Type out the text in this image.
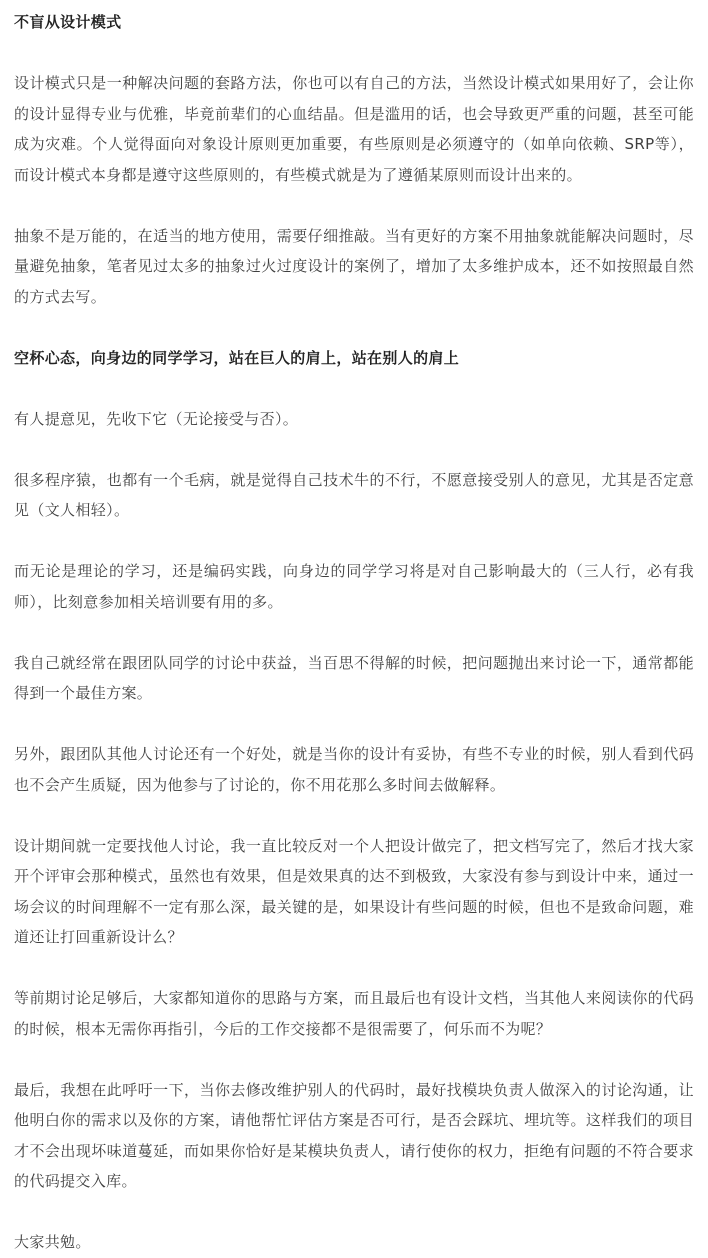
不盲从设计模式

设计模式只是一种解决问题的套路方法，你也可以有自己的方法，当然设计模式如果用好了，会让你的设计显得专业与优雅，毕竟前辈们的心血结晶。但是滥用的话，也会导致更严重的问题，甚至可能成为灾难。个人觉得面向对象设计原则更加重要，有些原则是必须遵守的（如单向依赖、SRP等），而设计模式本身都是遵守这些原则的，有些模式就是为了遵循某原则而设计出来的。

抽象不是万能的，在适当的地方使用，需要仔细推敲。当有更好的方案不用抽象就能解决问题时，尽量避免抽象，笔者见过太多的抽象过火过度设计的案例了，增加了太多维护成本，还不如按照最自然的方式去写。

空杯心态，向身边的同学学习，站在巨人的肩上，站在别人的肩上

有人提意见，先收下它（无论接受与否）。

很多程序猿，也都有一个毛病，就是觉得自己技术牛的不行，不愿意接受别人的意见，尤其是否定意见（文人相轻）。

而无论是理论的学习，还是编码实践，向身边的同学学习将是对自己影响最大的（三人行，必有我师），比刻意参加相关培训要有用的多。

我自己就经常在跟团队同学的讨论中获益，当百思不得解的时候，把问题抛出来讨论一下，通常都能得到一个最佳方案。

另外，跟团队其他人讨论还有一个好处，就是当你的设计有妥协，有些不专业的时候，别人看到代码也不会产生质疑，因为他参与了讨论的，你不用花那么多时间去做解释。

设计期间就一定要找他人讨论，我一直比较反对一个人把设计做完了，把文档写完了，然后才找大家开个评审会那种模式，虽然也有效果，但是效果真的达不到极致，大家没有参与到设计中来，通过一场会议的时间理解不一定有那么深，最关键的是，如果设计有些问题的时候，但也不是致命问题，难道还让打回重新设计么？

等前期讨论足够后，大家都知道你的思路与方案，而且最后也有设计文档，当其他人来阅读你的代码的时候，根本无需你再指引，今后的工作交接都不是很需要了，何乐而不为呢？

最后，我想在此呼吁一下，当你去修改维护别人的代码时，最好找模块负责人做深入的讨论沟通，让他明白你的需求以及你的方案，请他帮忙评估方案是否可行，是否会踩坑、埋坑等。这样我们的项目才不会出现坏味道蔓延，而如果你恰好是某模块负责人，请行使你的权力，拒绝有问题的不符合要求的代码提交入库。

大家共勉。
